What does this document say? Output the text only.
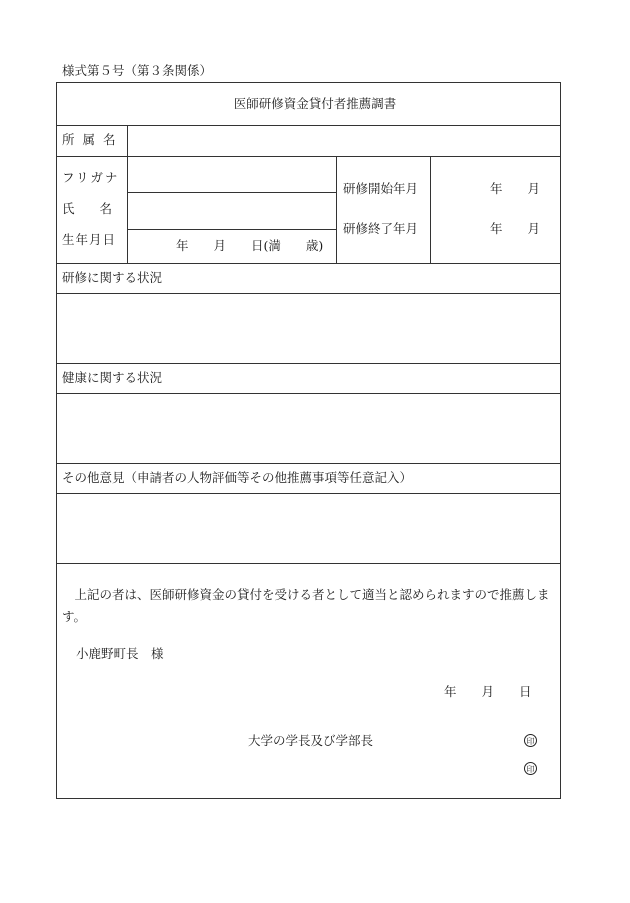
様式第５号（第３条関係）
医師研修資金貸付者推薦調書
所 属 名
フリガナ
氏　　名
生年月日	年　　月　　日(満　　歳)
研修開始年月
研修終了年月
年　　月
年　　月
研修に関する状況
健康に関する状況
その他意見（申請者の人物評価等その他推薦事項等任意記入）
上記の者は、医師研修資金の貸付を受ける者として適当と認められますので推薦します。
小鹿野町長　様
年　　月　　日
大学の学長及び学部長	印
印
